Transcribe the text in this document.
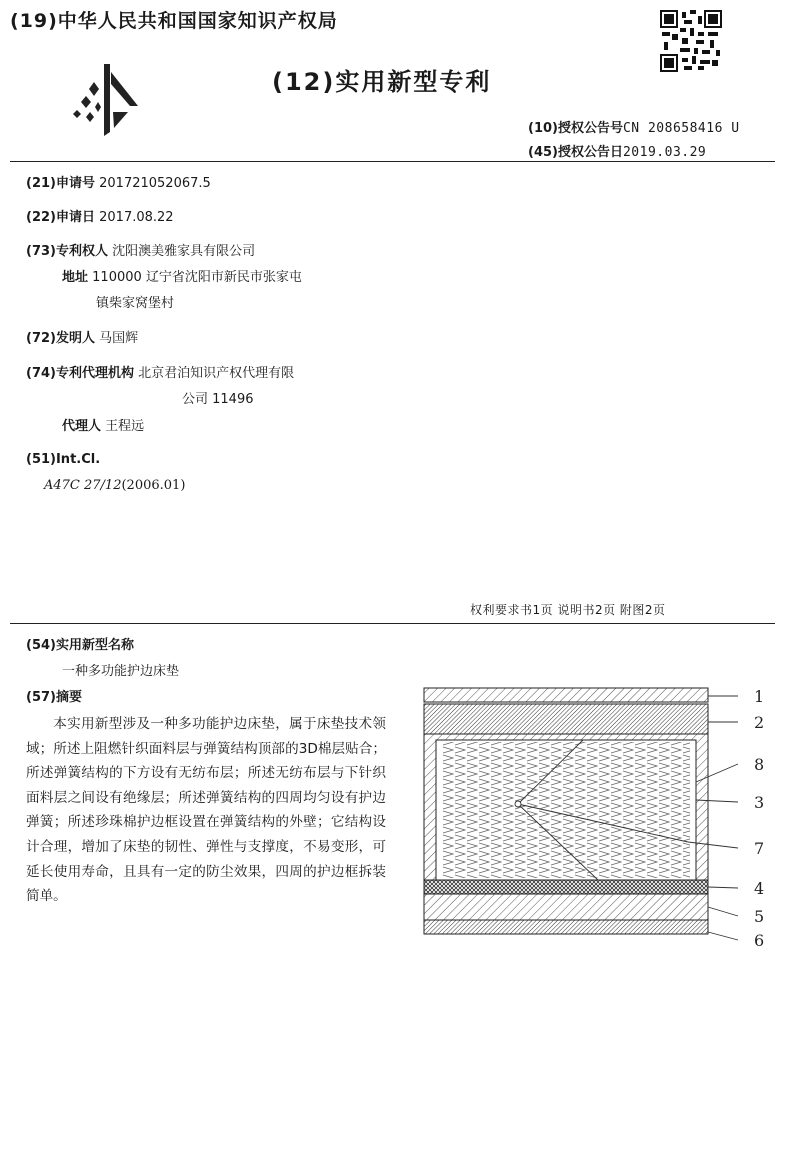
(19)中华人民共和国国家知识产权局
(12)实用新型专利
(10)授权公告号CN 208658416 U
(45)授权公告日2019.03.29
(21)申请号 201721052067.5
(22)申请日 2017.08.22
(73)专利权人 沈阳澳美雅家具有限公司
地址 110000 辽宁省沈阳市新民市张家屯
镇柴家窝堡村
(72)发明人 马国辉
(74)专利代理机构 北京君泊知识产权代理有限
公司 11496
代理人 王程远
(51)Int.Cl.
A47C 27/12(2006.01)
权利要求书1页 说明书2页 附图2页
(54)实用新型名称
一种多功能护边床垫
(57)摘要
本实用新型涉及一种多功能护边床垫，属于床垫技术领域；所述上阻燃针织面料层与弹簧结构顶部的3D棉层贴合；所述弹簧结构的下方设有无纺布层；所述无纺布层与下针织面料层之间设有绝缘层；所述弹簧结构的四周均匀设有护边弹簧；所述珍珠棉护边框设置在弹簧结构的外壁；它结构设计合理，增加了床垫的韧性、弹性与支撑度，不易变形，可延长使用寿命，且具有一定的防尘效果，四周的护边框拆装简单。
1
2
8
3
7
4
5
6
